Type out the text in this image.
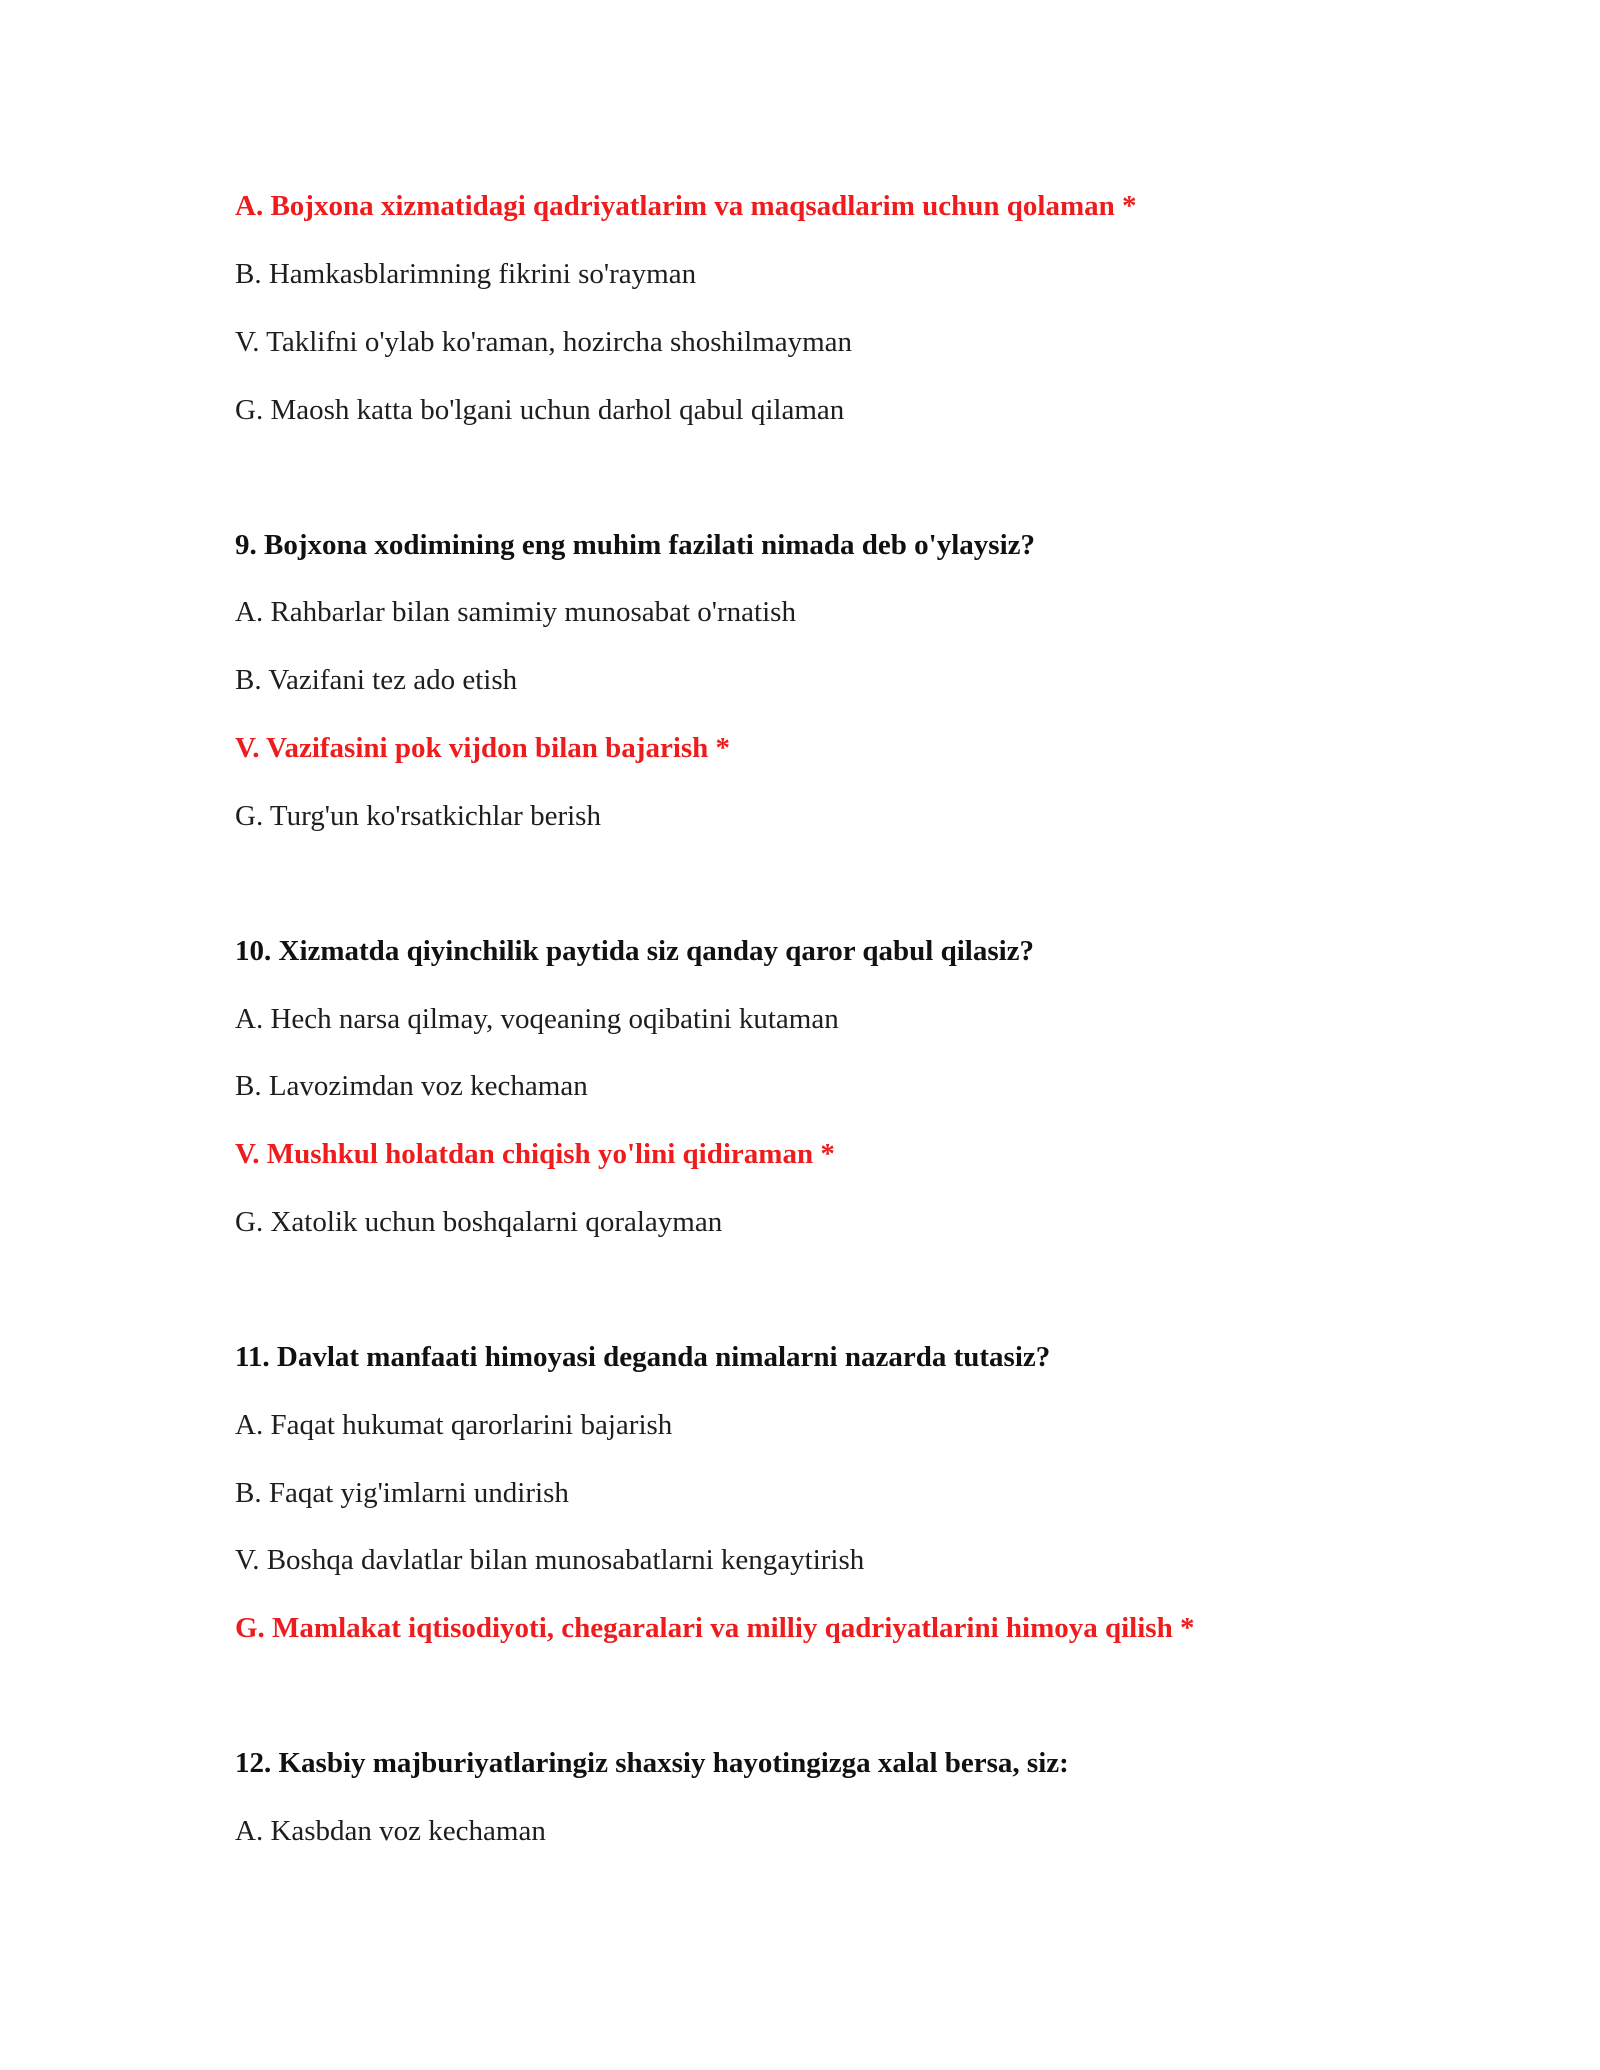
A. Bojxona xizmatidagi qadriyatlarim va maqsadlarim uchun qolaman *
B. Hamkasblarimning fikrini so'rayman
V. Taklifni o'ylab ko'raman, hozircha shoshilmayman
G. Maosh katta bo'lgani uchun darhol qabul qilaman
9. Bojxona xodimining eng muhim fazilati nimada deb o'ylaysiz?
A. Rahbarlar bilan samimiy munosabat o'rnatish
B. Vazifani tez ado etish
V. Vazifasini pok vijdon bilan bajarish *
G. Turg'un ko'rsatkichlar berish
10. Xizmatda qiyinchilik paytida siz qanday qaror qabul qilasiz?
A. Hech narsa qilmay, voqeaning oqibatini kutaman
B. Lavozimdan voz kechaman
V. Mushkul holatdan chiqish yo'lini qidiraman *
G. Xatolik uchun boshqalarni qoralayman
11. Davlat manfaati himoyasi deganda nimalarni nazarda tutasiz?
A. Faqat hukumat qarorlarini bajarish
B. Faqat yig'imlarni undirish
V. Boshqa davlatlar bilan munosabatlarni kengaytirish
G. Mamlakat iqtisodiyoti, chegaralari va milliy qadriyatlarini himoya qilish *
12. Kasbiy majburiyatlaringiz shaxsiy hayotingizga xalal bersa, siz:
A. Kasbdan voz kechaman
